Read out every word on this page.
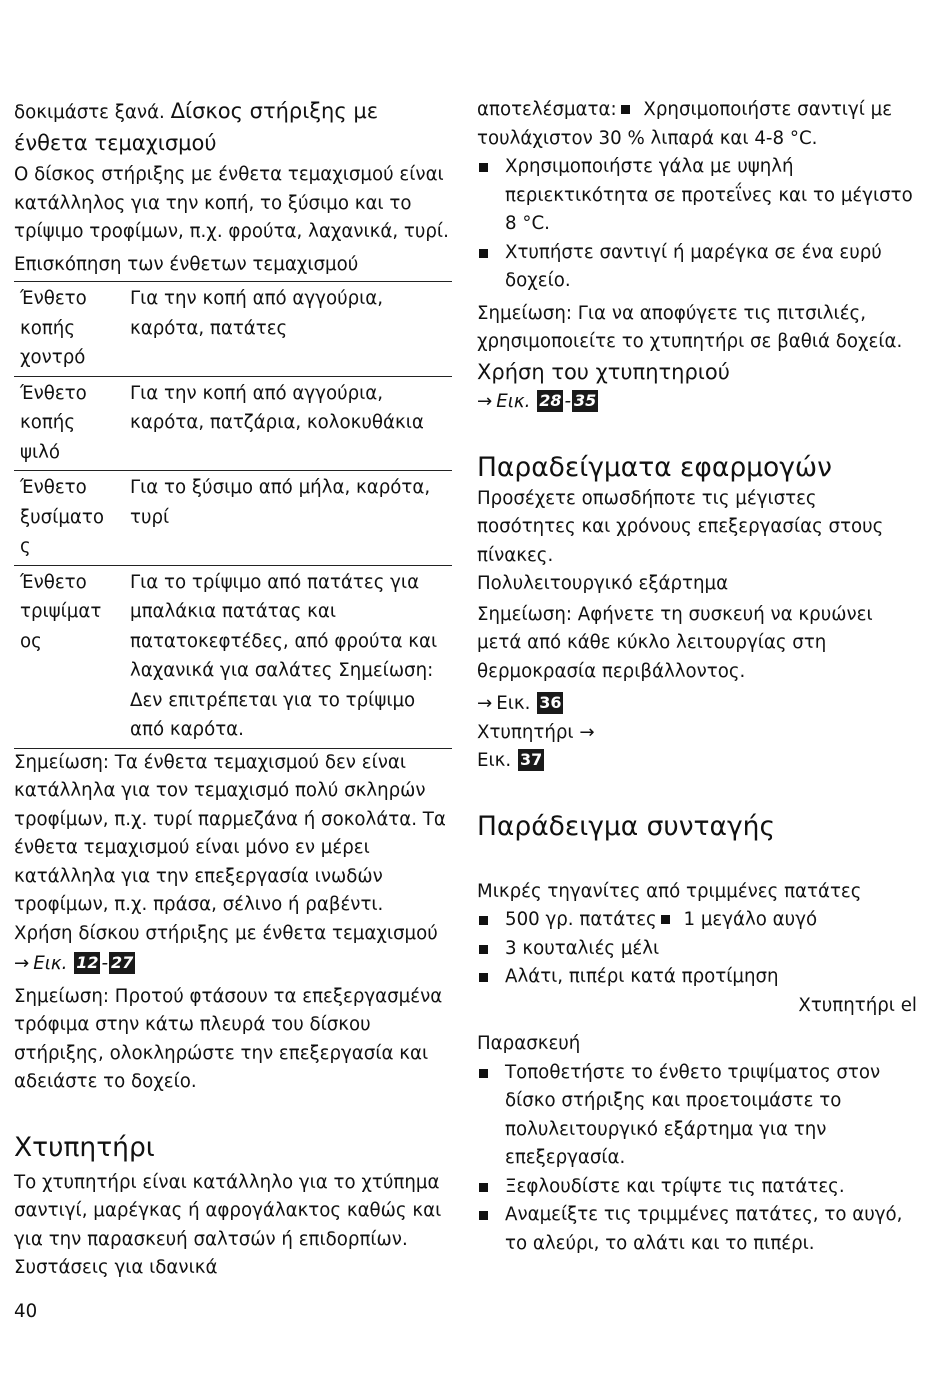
δοκιμάστε ξανά. Δίσκος στήριξης με ένθετα τεμαχισμού

Ο δίσκος στήριξης με ένθετα τεμαχισμού είναι κατάλληλος για την κοπή, το ξύσιμο και το τρίψιμο τροφίμων, π.χ. φρούτα, λαχανικά, τυρί.

Επισκόπηση των ένθετων τεμαχισμού

Ένθετο κοπής χοντρό	Για την κοπή από αγγούρια, καρότα, πατάτες
Ένθετο κοπής ψιλό	Για την κοπή από αγγούρια, καρότα, πατζάρια, κολοκυθάκια
Ένθετο ξυσίματο ς	Για το ξύσιμο από μήλα, καρότα, τυρί
Ένθετο τριψίματ ος	Για το τρίψιμο από πατάτες για μπαλάκια πατάτας και πατατοκεφτέδες, από φρούτα και λαχανικά για σαλάτες Σημείωση: Δεν επιτρέπεται για το τρίψιμο από καρότα.

Σημείωση: Τα ένθετα τεμαχισμού δεν είναι κατάλληλα για τον τεμαχισμό πολύ σκληρών τροφίμων, π.χ. τυρί παρμεζάνα ή σοκολάτα. Τα ένθετα τεμαχισμού είναι μόνο εν μέρει κατάλληλα για την επεξεργασία ινωδών τροφίμων, π.χ. πράσα, σέλινο ή ραβέντι.

Χρήση δίσκου στήριξης με ένθετα τεμαχισμού

→ Εικ. 12 - 27

Σημείωση: Προτού φτάσουν τα επεξεργασμένα τρόφιμα στην κάτω πλευρά του δίσκου στήριξης, ολοκληρώστε την επεξεργασία και αδειάστε το δοχείο.

Χτυπητήρι

Το χτυπητήρι είναι κατάλληλο για το χτύπημα σαντιγί, μαρέγκας ή αφρογάλακτος καθώς και για την παρασκευή σαλτσών ή επιδορπίων. Συστάσεις για ιδανικά

αποτελέσματα: Χρησιμοποιήστε σαντιγί με τουλάχιστον 30 % λιπαρά και 4-8 °C.

Χρησιμοποιήστε γάλα με υψηλή περιεκτικότητα σε προτεΐνες και το μέγιστο 8 °C.
Χτυπήστε σαντιγί ή μαρέγκα σε ένα ευρύ δοχείο.

Σημείωση: Για να αποφύγετε τις πιτσιλιές, χρησιμοποιείτε το χτυπητήρι σε βαθιά δοχεία. Χρήση του χτυπητηριού

→ Εικ. 28 - 35

Παραδείγματα εφαρμογών

Προσέχετε οπωσδήποτε τις μέγιστες ποσότητες και χρόνους επεξεργασίας στους πίνακες.

Πολυλειτουργικό εξάρτημα

Σημείωση: Αφήνετε τη συσκευή να κρυώνει μετά από κάθε κύκλο λειτουργίας στη θερμοκρασία περιβάλλοντος.

→ Εικ. 36

Χτυπητήρι →

Εικ. 37

Παράδειγμα συνταγής

Μικρές τηγανίτες από τριμμένες πατάτες

500 γρ. πατάτες 1 μεγάλο αυγό
3 κουταλιές μέλι
Αλάτι, πιπέρι κατά προτίμηση

Χτυπητήρι el

Παρασκευή

Τοποθετήστε το ένθετο τριψίματος στον δίσκο στήριξης και προετοιμάστε το πολυλειτουργικό εξάρτημα για την επεξεργασία.
Ξεφλουδίστε και τρίψτε τις πατάτες.
Αναμείξτε τις τριμμένες πατάτες, το αυγό, το αλεύρι, το αλάτι και το πιπέρι.
40
